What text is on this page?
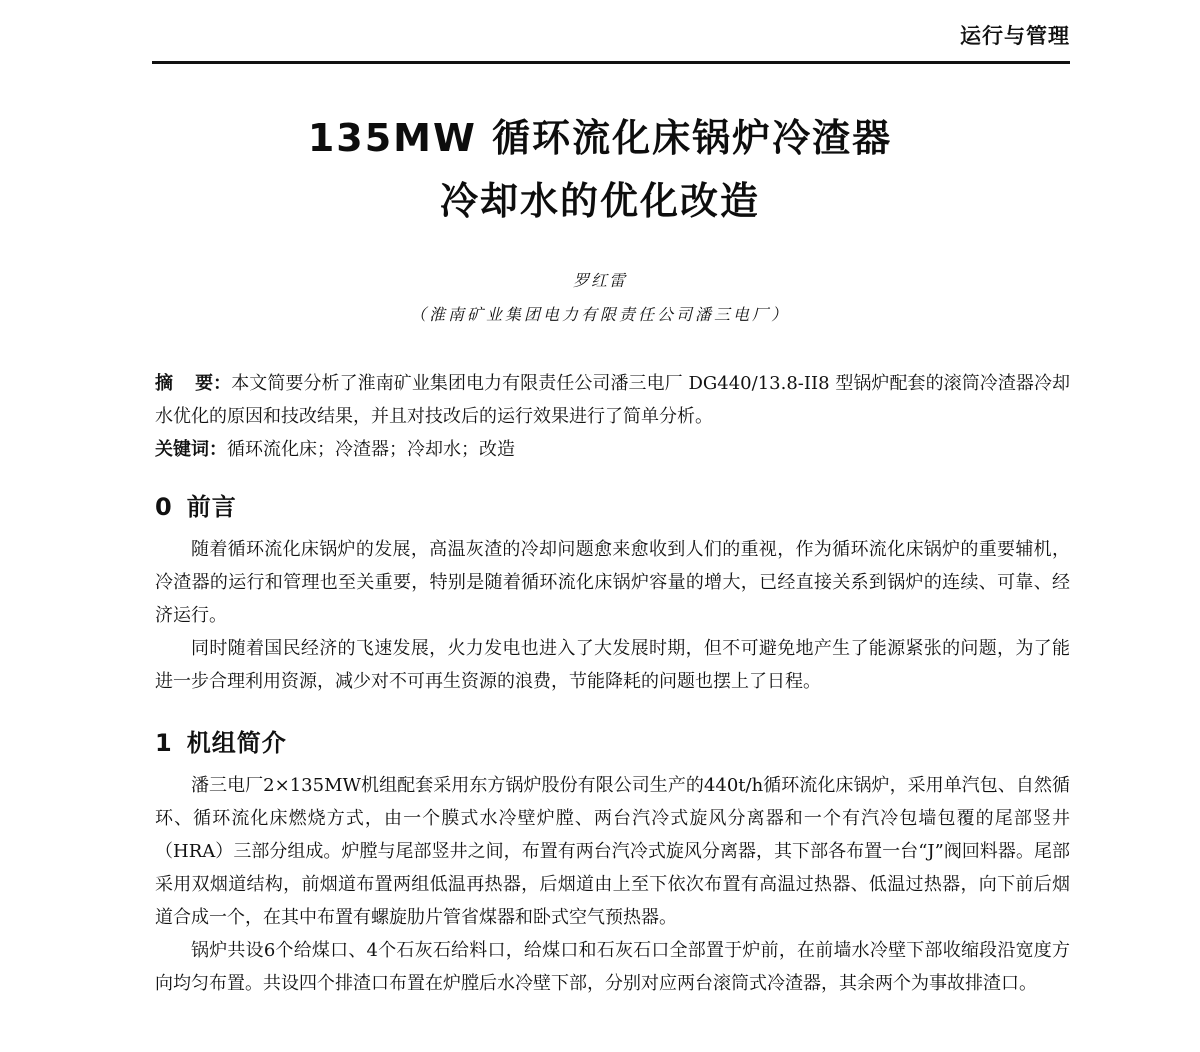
运行与管理
135MW 循环流化床锅炉冷渣器
冷却水的优化改造
罗红雷
（淮南矿业集团电力有限责任公司潘三电厂）
摘 要：本文简要分析了淮南矿业集团电力有限责任公司潘三电厂 DG440/13.8-II8 型锅炉配套的滚筒冷渣器冷却水优化的原因和技改结果，并且对技改后的运行效果进行了简单分析。
关键词：循环流化床；冷渣器；冷却水；改造
0 前言

随着循环流化床锅炉的发展，高温灰渣的冷却问题愈来愈收到人们的重视，作为循环流化床锅炉的重要辅机，冷渣器的运行和管理也至关重要，特别是随着循环流化床锅炉容量的增大，已经直接关系到锅炉的连续、可靠、经济运行。

同时随着国民经济的飞速发展，火力发电也进入了大发展时期，但不可避免地产生了能源紧张的问题，为了能进一步合理利用资源，减少对不可再生资源的浪费，节能降耗的问题也摆上了日程。

1 机组简介

潘三电厂2×135MW机组配套采用东方锅炉股份有限公司生产的440t/h循环流化床锅炉，采用单汽包、自然循环、循环流化床燃烧方式，由一个膜式水冷壁炉膛、两台汽冷式旋风分离器和一个有汽冷包墙包覆的尾部竖井（HRA）三部分组成。炉膛与尾部竖井之间，布置有两台汽冷式旋风分离器，其下部各布置一台“J”阀回料器。尾部采用双烟道结构，前烟道布置两组低温再热器，后烟道由上至下依次布置有高温过热器、低温过热器，向下前后烟道合成一个，在其中布置有螺旋肋片管省煤器和卧式空气预热器。

锅炉共设6个给煤口、4个石灰石给料口，给煤口和石灰石口全部置于炉前，在前墙水冷壁下部收缩段沿宽度方向均匀布置。共设四个排渣口布置在炉膛后水冷壁下部，分别对应两台滚筒式冷渣器，其余两个为事故排渣口。
